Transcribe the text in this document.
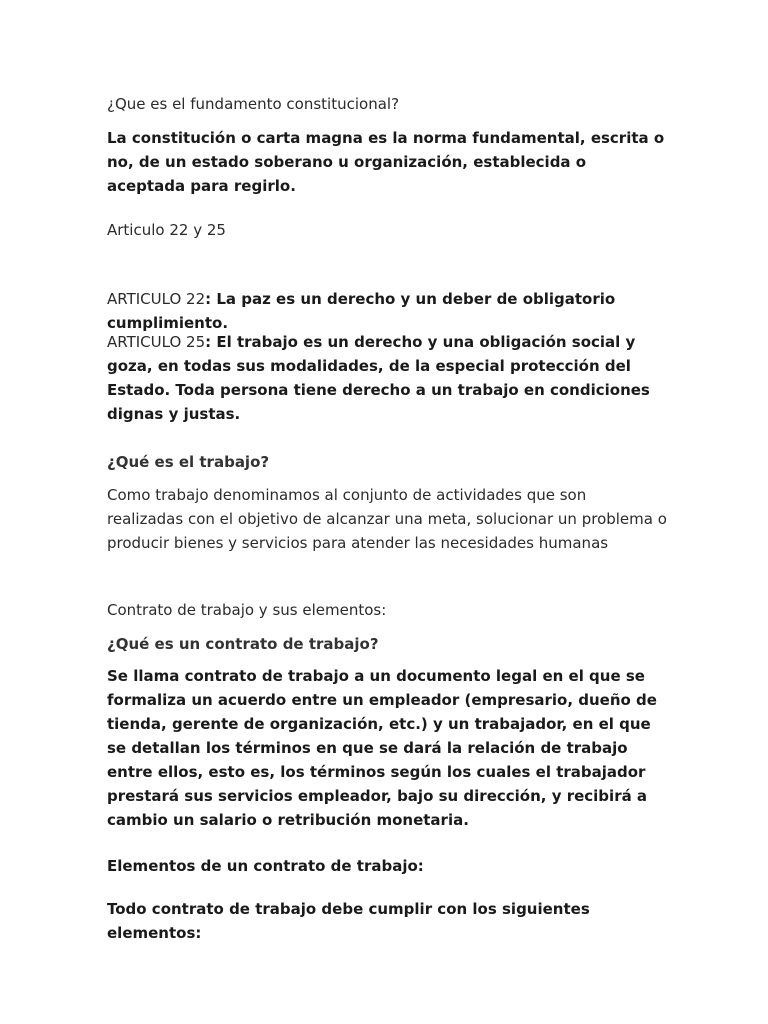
¿Que es el fundamento constitucional?

La constitución o carta magna es la norma fundamental, escrita o no, de un estado soberano u organización, establecida o aceptada para regirlo.

Articulo 22 y 25

ARTICULO 22: La paz es un derecho y un deber de obligatorio cumplimiento.

ARTICULO 25: El trabajo es un derecho y una obligación social y goza, en todas sus modalidades, de la especial protección del Estado. Toda persona tiene derecho a un trabajo en condiciones dignas y justas.

¿Qué es el trabajo?

Como trabajo denominamos al conjunto de actividades que son realizadas con el objetivo de alcanzar una meta, solucionar un problema o producir bienes y servicios para atender las necesidades humanas

Contrato de trabajo y sus elementos:

¿Qué es un contrato de trabajo?

Se llama contrato de trabajo a un documento legal en el que se formaliza un acuerdo entre un empleador (empresario, dueño de tienda, gerente de organización, etc.) y un trabajador, en el que se detallan los términos en que se dará la relación de trabajo entre ellos, esto es, los términos según los cuales el trabajador prestará sus servicios empleador, bajo su dirección, y recibirá a cambio un salario o retribución monetaria.

Elementos de un contrato de trabajo:

Todo contrato de trabajo debe cumplir con los siguientes elementos:
